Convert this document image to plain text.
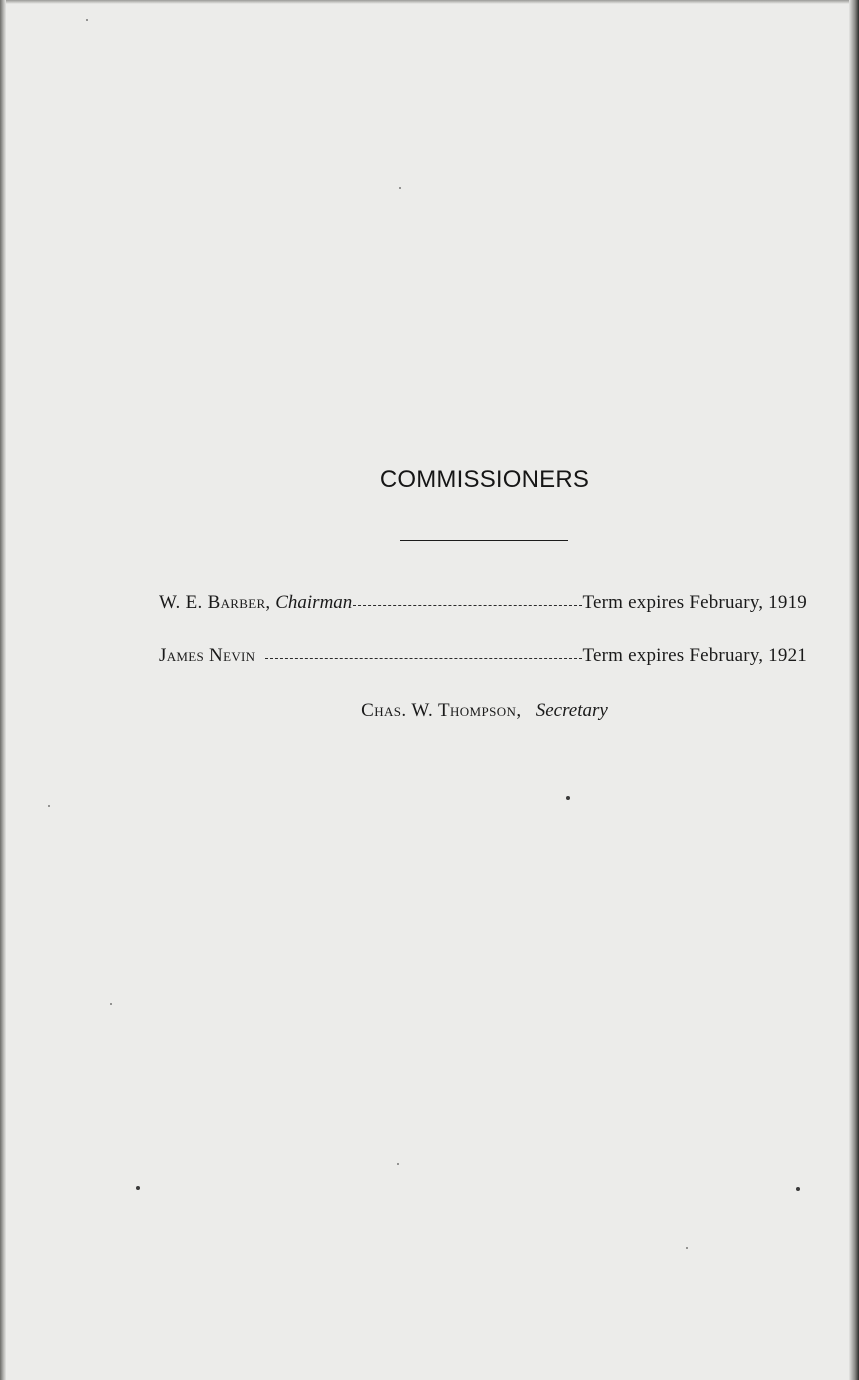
COMMISSIONERS
W. E. Barber,
Chairman	Term expires February, 1919
James Nevin	Term expires February, 1921
Chas. W. Thompson, Secretary
